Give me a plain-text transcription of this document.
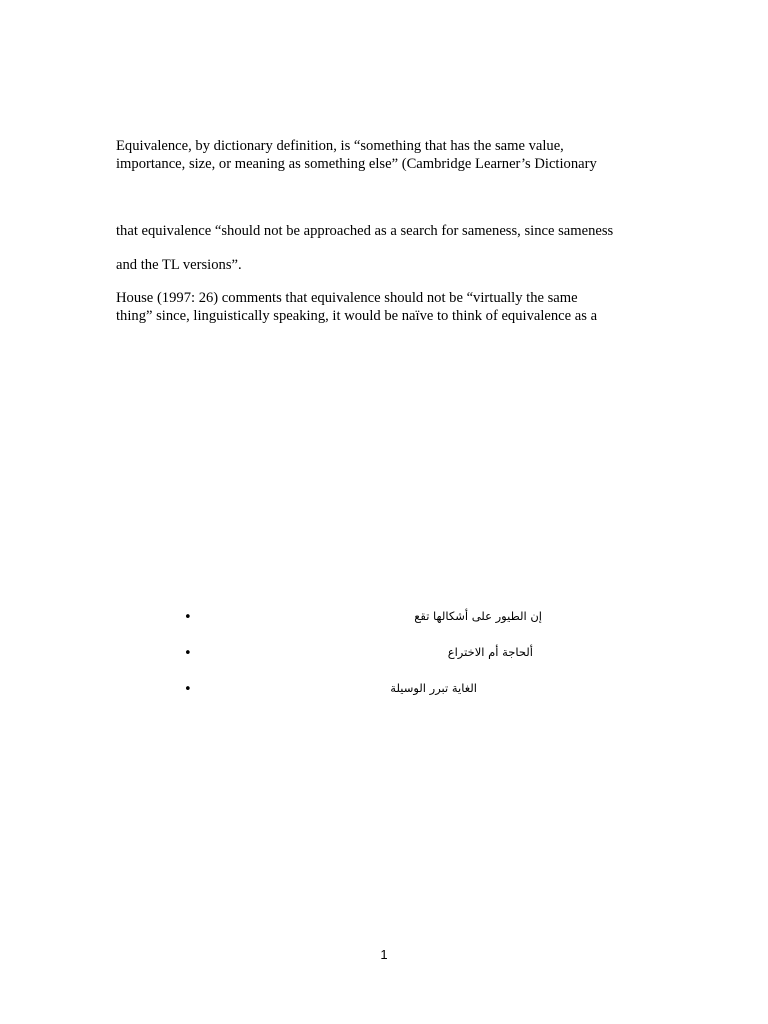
Equivalence, by dictionary definition, is “something that has the same value,
importance, size, or meaning as something else” (Cambridge Learner’s Dictionary
that equivalence “should not be approached as a search for sameness, since sameness
and the TL versions”.
House (1997: 26) comments that equivalence should not be “virtually the same
thing” since, linguistically speaking, it would be naïve to think of equivalence as a
•	إن الطيور على أشكالها تقع
•	ألحاجة أم الاختراع
•	الغاية تبرر الوسيلة
1
